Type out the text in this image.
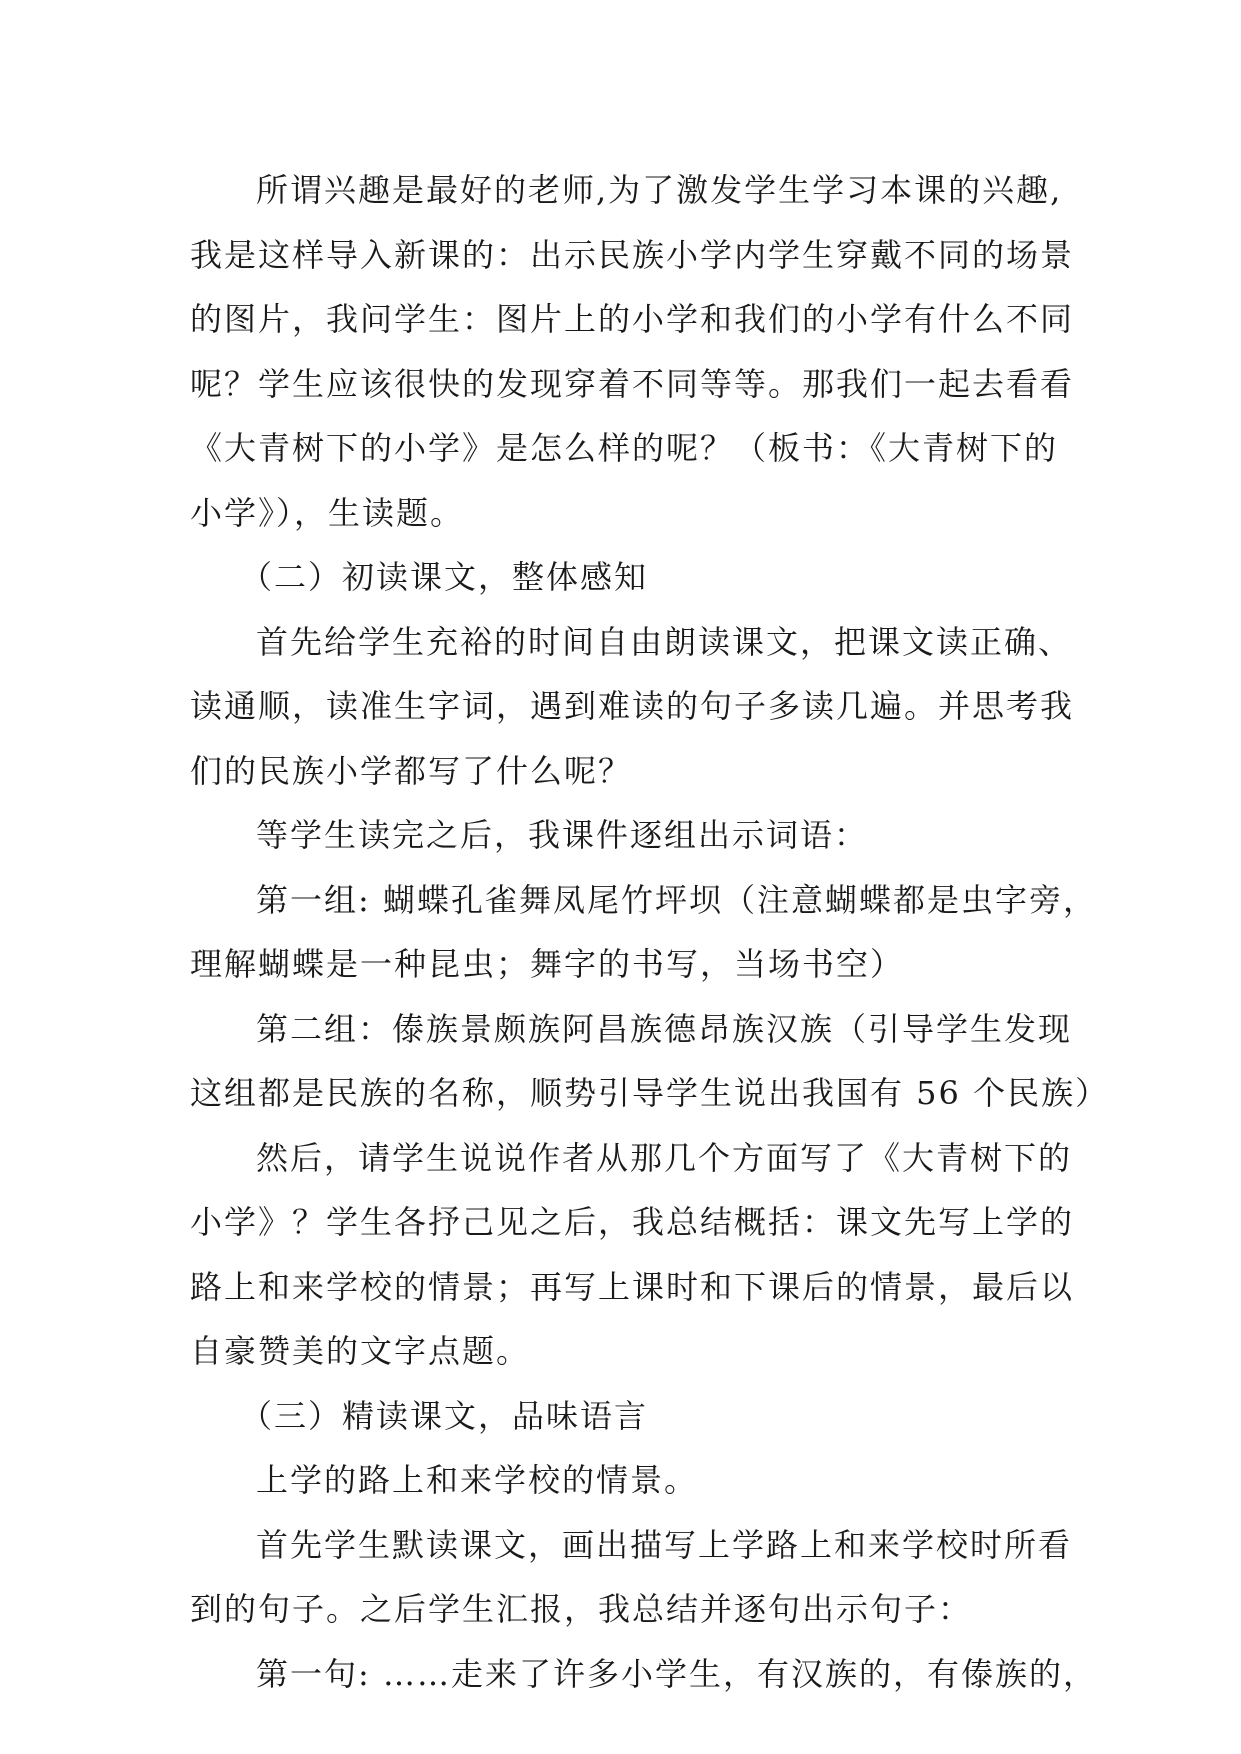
所谓兴趣是最好的老师,为了激发学生学习本课的兴趣,
我是这样导入新课的：出示民族小学内学生穿戴不同的场景
的图片，我问学生：图片上的小学和我们的小学有什么不同
呢？学生应该很快的发现穿着不同等等。那我们一起去看看
《大青树下的小学》是怎么样的呢？（板书：《大青树下的
小学》），生读题。
（二）初读课文，整体感知
首先给学生充裕的时间自由朗读课文，把课文读正确、
读通顺，读准生字词，遇到难读的句子多读几遍。并思考我
们的民族小学都写了什么呢？
等学生读完之后，我课件逐组出示词语：
第一组: 蝴蝶孔雀舞凤尾竹坪坝（注意蝴蝶都是虫字旁，
理解蝴蝶是一种昆虫；舞字的书写，当场书空）
第二组：傣族景颇族阿昌族德昂族汉族（引导学生发现
这组都是民族的名称，顺势引导学生说出我国有 56 个民族）
然后，请学生说说作者从那几个方面写了《大青树下的
小学》？学生各抒己见之后，我总结概括：课文先写上学的
路上和来学校的情景；再写上课时和下课后的情景，最后以
自豪赞美的文字点题。
（三）精读课文，品味语言
上学的路上和来学校的情景。
首先学生默读课文，画出描写上学路上和来学校时所看
到的句子。之后学生汇报，我总结并逐句出示句子：
第一句: ……走来了许多小学生，有汉族的，有傣族的，
